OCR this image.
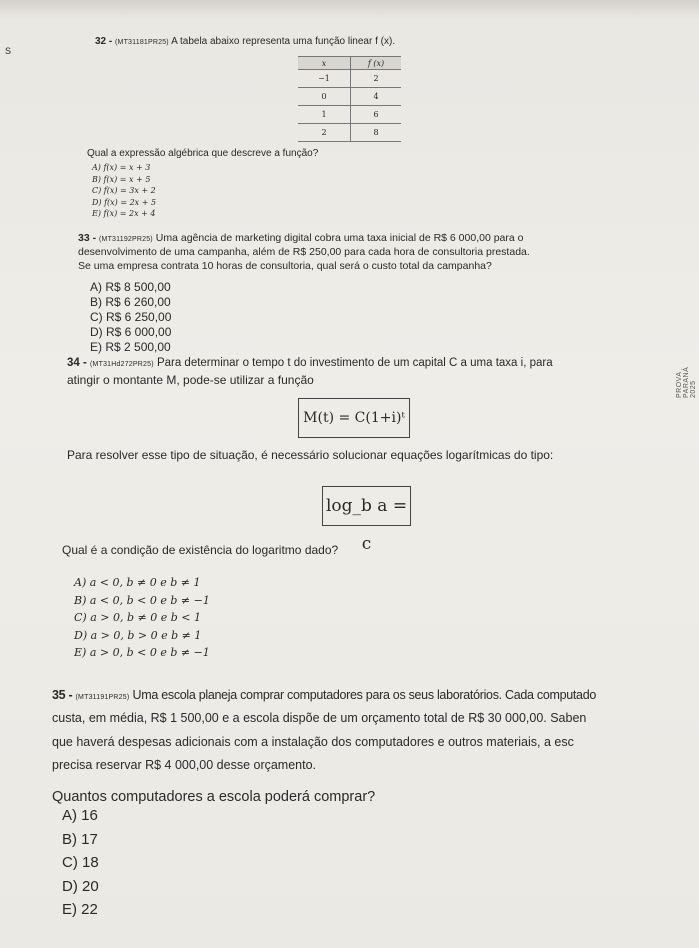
S
32 - (MT31181PR25) A tabela abaixo representa uma função linear f (x).
x	f (x)
−1	2
0	4
1	6
2	8
Qual a expressão algébrica que descreve a função?
A) f(x) = x + 3
B) f(x) = x + 5
C) f(x) = 3x + 2
D) f(x) = 2x + 5
E) f(x) = 2x + 4
33 - (MT31192PR25) Uma agência de marketing digital cobra uma taxa inicial de R$ 6 000,00 para o
desenvolvimento de uma campanha, além de R$ 250,00 para cada hora de consultoria prestada.
Se uma empresa contrata 10 horas de consultoria, qual será o custo total da campanha?
A) R$ 8 500,00
B) R$ 6 260,00
C) R$ 6 250,00
D) R$ 6 000,00
E) R$ 2 500,00
34 - (MT31Hd272PR25) Para determinar o tempo t do investimento de um capital C a uma taxa i, para
atingir o montante M, pode-se utilizar a função
M(t) = C(1+i)ᵗ
Para resolver esse tipo de situação, é necessário solucionar equações logarítmicas do tipo:
log_b a = c
Qual é a condição de existência do logaritmo dado?
A) a < 0, b ≠ 0 e b ≠ 1
B) a < 0, b < 0 e b ≠ −1
C) a > 0, b ≠ 0 e b < 1
D) a > 0, b > 0 e b ≠ 1
E) a > 0, b < 0 e b ≠ −1
35 - (MT31191PR25) Uma escola planeja comprar computadores para os seus laboratórios. Cada computado
custa, em média, R$ 1 500,00 e a escola dispõe de um orçamento total de R$ 30 000,00. Saben
que haverá despesas adicionais com a instalação dos computadores e outros materiais, a esc
precisa reservar R$ 4 000,00 desse orçamento.
Quantos computadores a escola poderá comprar?
A) 16
B) 17
C) 18
D) 20
E) 22
PROVA PARANÁ 2025
